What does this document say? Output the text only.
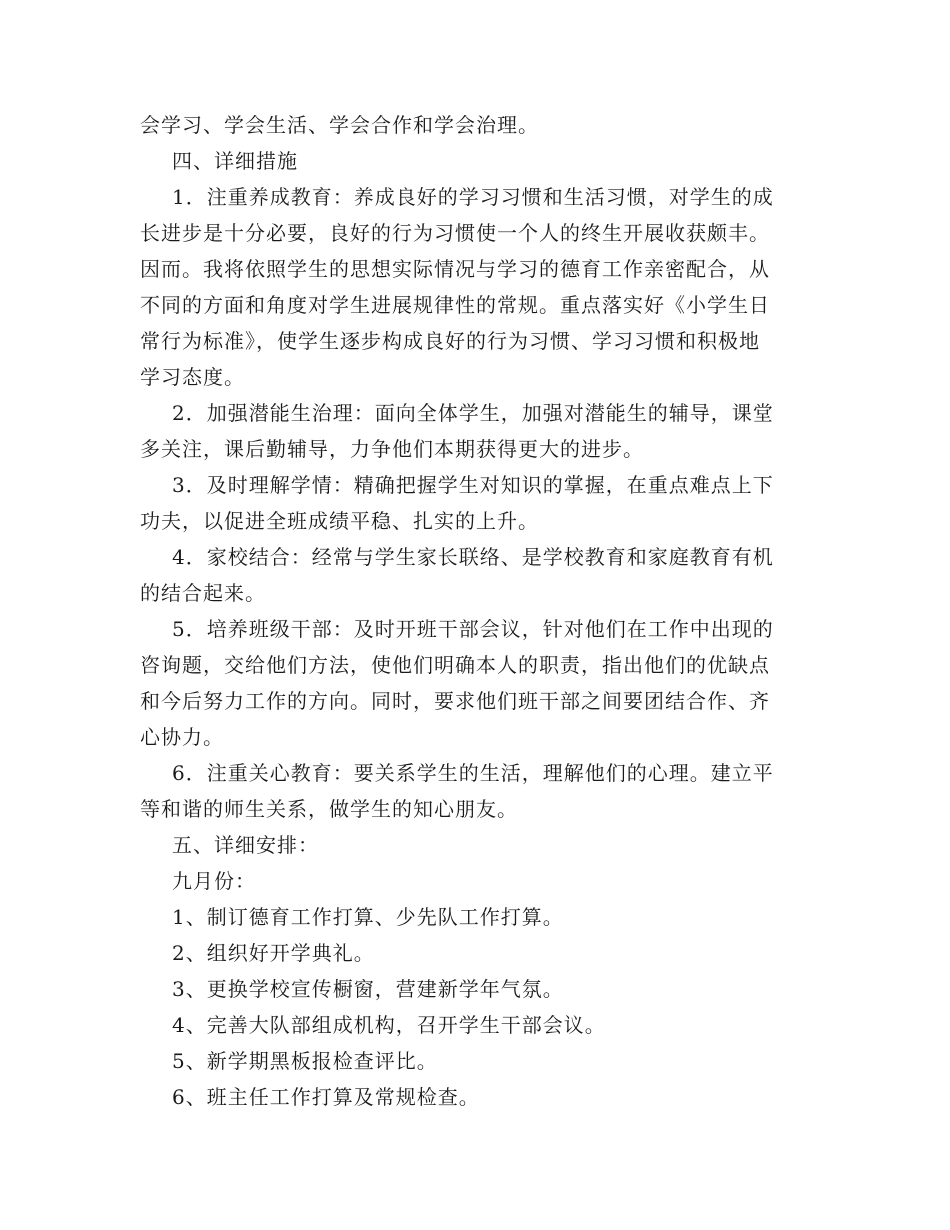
会学习、学会生活、学会合作和学会治理。
四、详细措施
1．注重养成教育：养成良好的学习习惯和生活习惯，对学生的成
长进步是十分必要，良好的行为习惯使一个人的终生开展收获颇丰。
因而。我将依照学生的思想实际情况与学习的德育工作亲密配合，从
不同的方面和角度对学生进展规律性的常规。重点落实好《小学生日
常行为标准》，使学生逐步构成良好的行为习惯、学习习惯和积极地
学习态度。
2．加强潜能生治理：面向全体学生，加强对潜能生的辅导，课堂
多关注，课后勤辅导，力争他们本期获得更大的进步。
3．及时理解学情：精确把握学生对知识的掌握，在重点难点上下
功夫，以促进全班成绩平稳、扎实的上升。
4．家校结合：经常与学生家长联络、是学校教育和家庭教育有机
的结合起来。
5．培养班级干部：及时开班干部会议，针对他们在工作中出现的
咨询题，交给他们方法，使他们明确本人的职责，指出他们的优缺点
和今后努力工作的方向。同时，要求他们班干部之间要团结合作、齐
心协力。
6．注重关心教育：要关系学生的生活，理解他们的心理。建立平
等和谐的师生关系，做学生的知心朋友。
五、详细安排：
九月份：
1、制订德育工作打算、少先队工作打算。
2、组织好开学典礼。
3、更换学校宣传橱窗，营建新学年气氛。
4、完善大队部组成机构，召开学生干部会议。
5、新学期黑板报检查评比。
6、班主任工作打算及常规检查。
